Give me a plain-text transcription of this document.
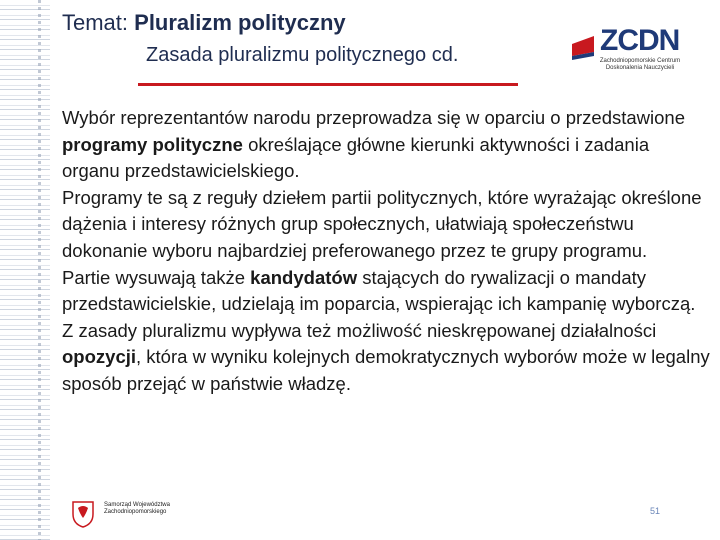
Temat: Pluralizm polityczny
Zasada pluralizmu politycznego cd.	ZCDN
Zachodniopomorskie Centrum Doskonalenia Nauczycieli

Wybór reprezentantów narodu przeprowadza się w oparciu o przedstawione programy polityczne określające główne kierunki aktywności i zadania organu przedstawicielskiego.

Programy te są z reguły dziełem partii politycznych, które wyrażając określone dążenia i interesy różnych grup społecznych, ułatwiają społeczeństwu dokonanie wyboru najbardziej preferowanego przez te grupy programu.

Partie wysuwają także kandydatów stających do rywalizacji o mandaty przedstawicielskie, udzielają im poparcia, wspierając ich kampanię wyborczą.

Z zasady pluralizmu wypływa też możliwość nieskrępowanej działalności opozycji, która w wyniku kolejnych demokratycznych wyborów może w legalny sposób przejąć w państwie władzę.

Samorząd Województwa Zachodniopomorskiego	51
